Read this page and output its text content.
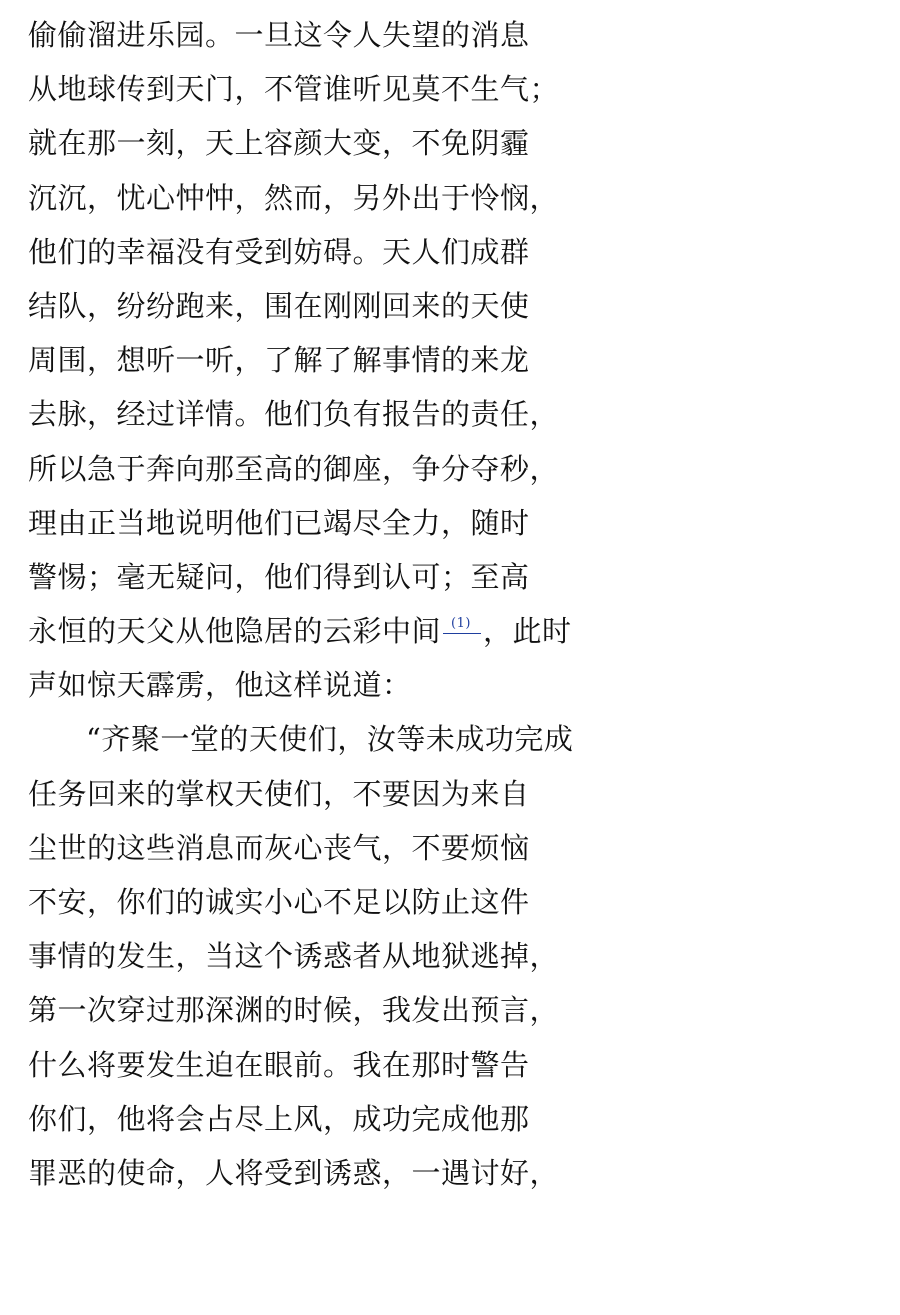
偷偷溜进乐园。一旦这令人失望的消息
从地球传到天门，不管谁听见莫不生气；
就在那一刻，天上容颜大变，不免阴霾
沉沉，忧心忡忡，然而，另外出于怜悯，
他们的幸福没有受到妨碍。天人们成群
结队，纷纷跑来，围在刚刚回来的天使
周围，想听一听，了解了解事情的来龙
去脉，经过详情。他们负有报告的责任，
所以急于奔向那至高的御座，争分夺秒，
理由正当地说明他们已竭尽全力，随时
警惕；毫无疑问，他们得到认可；至高
永恒的天父从他隐居的云彩中间 (1) ，此时
声如惊天霹雳，他这样说道：
“齐聚一堂的天使们，汝等未成功完成
任务回来的掌权天使们，不要因为来自
尘世的这些消息而灰心丧气，不要烦恼
不安，你们的诚实小心不足以防止这件
事情的发生，当这个诱惑者从地狱逃掉，
第一次穿过那深渊的时候，我发出预言，
什么将要发生迫在眼前。我在那时警告
你们，他将会占尽上风，成功完成他那
罪恶的使命，人将受到诱惑，一遇讨好，
